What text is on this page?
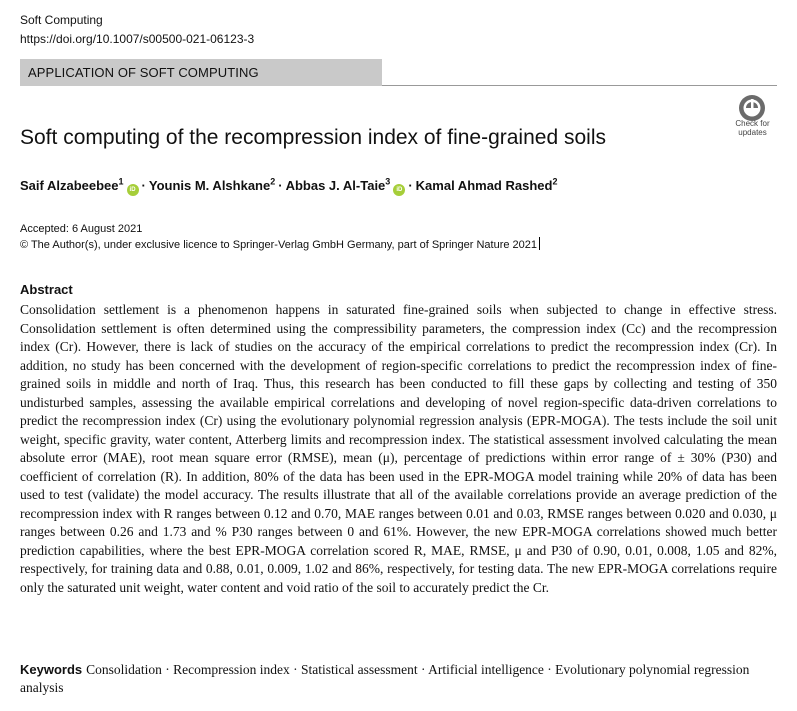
Soft Computing
https://doi.org/10.1007/s00500-021-06123-3
APPLICATION OF SOFT COMPUTING
Check for
updates
Soft computing of the recompression index of fine-grained soils
Saif Alzabeebee$^1$iD · Younis M. Alshkane$^2$ · Abbas J. Al-Taie$^3$iD · Kamal Ahmad Rashed$^2$
Accepted: 6 August 2021
© The Author(s), under exclusive licence to Springer-Verlag GmbH Germany, part of Springer Nature 2021
Abstract

Consolidation settlement is a phenomenon happens in saturated fine-grained soils when subjected to change in effective stress. Consolidation settlement is often determined using the compressibility parameters, the compression index (Cc) and the recompression index (Cr). However, there is lack of studies on the accuracy of the empirical correlations to predict the recompression index (Cr). In addition, no study has been concerned with the development of region-specific correlations to predict the recompression index of fine-grained soils in middle and north of Iraq. Thus, this research has been conducted to fill these gaps by collecting and testing of 350 undisturbed samples, assessing the available empirical correlations and developing of novel region-specific data-driven correlations to predict the recompression index (Cr) using the evolutionary polynomial regression analysis (EPR-MOGA). The tests include the soil unit weight, specific gravity, water content, Atterberg limits and recompression index. The statistical assessment involved calculating the mean absolute error (MAE), root mean square error (RMSE), mean (μ), percentage of predictions within error range of ± 30% (P30) and coefficient of correlation (R). In addition, 80% of the data has been used in the EPR-MOGA model training while 20% of data has been used to test (validate) the model accuracy. The results illustrate that all of the available correlations provide an average prediction of the recompression index with R ranges between 0.12 and 0.70, MAE ranges between 0.01 and 0.03, RMSE ranges between 0.020 and 0.030, μ ranges between 0.26 and 1.73 and % P30 ranges between 0 and 61%. However, the new EPR-MOGA correlations showed much better prediction capabilities, where the best EPR-MOGA correlation scored R, MAE, RMSE, μ and P30 of 0.90, 0.01, 0.008, 1.05 and 82%, respectively, for training data and 0.88, 0.01, 0.009, 1.02 and 86%, respectively, for testing data. The new EPR-MOGA correlations require only the saturated unit weight, water content and void ratio of the soil to accurately predict the Cr.

Keywords Consolidation · Recompression index · Statistical assessment · Artificial intelligence · Evolutionary polynomial regression analysis
